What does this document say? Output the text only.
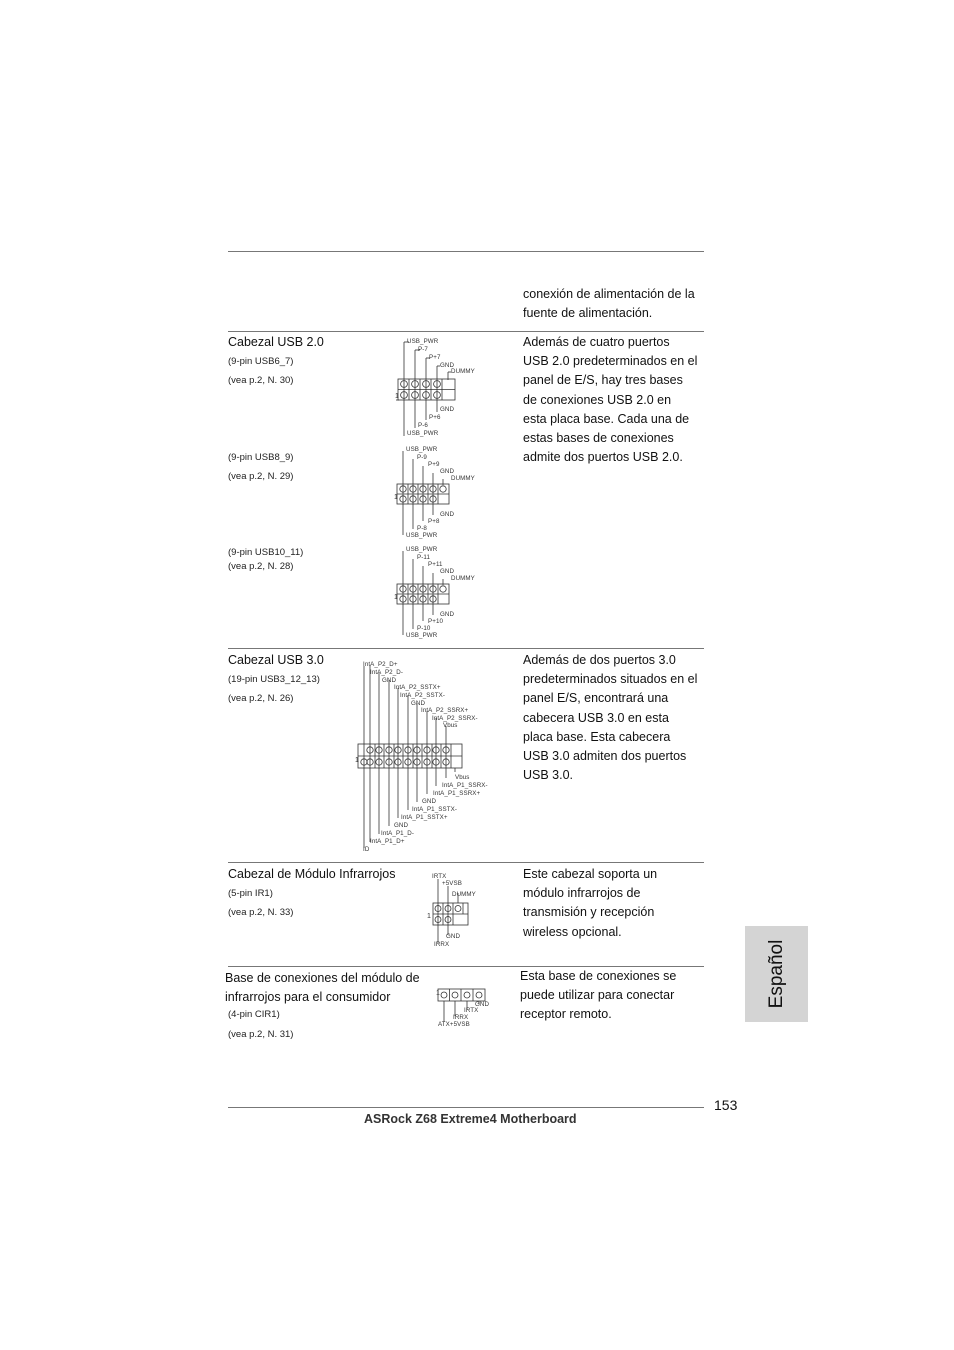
conexión de alimentación de la
fuente de alimentación.
Cabezal USB 2.0
(9-pin USB6_7)
(vea p.2, N. 30)
(9-pin USB8_9)
(vea p.2, N. 29)
(9-pin USB10_11)
(vea p.2, N. 28)
1
USB_PWR
P-7
P+7
GND
DUMMY
GND
P+6
P-6
USB_PWR
1
USB_PWR
P-9
P+9
GND
DUMMY
GND
P+8
P-8
USB_PWR
1
USB_PWR
P-11
P+11
GND
DUMMY
GND
P+10
P-10
USB_PWR
Además de cuatro puertos
USB 2.0 predeterminados en el
panel de E/S, hay tres bases
de conexiones USB 2.0 en
esta placa base. Cada una de
estas bases de conexiones
admite dos puertos USB 2.0.
Cabezal USB 3.0
(19-pin USB3_12_13)
(vea p.2, N. 26)
1
IntA_P2_D+
IntA_P2_D-
GND
IntA_P2_SSTX+
IntA_P2_SSTX-
GND
IntA_P2_SSRX+
IntA_P2_SSRX-
Vbus
Vbus
IntA_P1_SSRX-
IntA_P1_SSRX+
GND
IntA_P1_SSTX-
IntA_P1_SSTX+
GND
IntA_P1_D-
IntA_P1_D+
ID
Además de dos puertos 3.0
predeterminados situados en el
panel E/S, encontrará una
cabecera USB 3.0 en esta
placa base. Esta cabecera
USB 3.0 admiten dos puertos
USB 3.0.
Cabezal de Módulo Infrarrojos
(5-pin IR1)
(vea p.2, N. 33)	1
IRTX
+5VSB
DUMMY
GND
IRRX
Este cabezal soporta un
módulo infrarrojos de
transmisión y recepción
wireless opcional.
Base de conexiones del módulo de
infrarrojos para el consumidor
(4-pin CIR1)
(vea p.2, N. 31)
1
GND
IRTX
IRRX
ATX+5VSB
Esta base de conexiones se
puede utilizar para conectar
receptor remoto.
Español
153
ASRock Z68 Extreme4 Motherboard
